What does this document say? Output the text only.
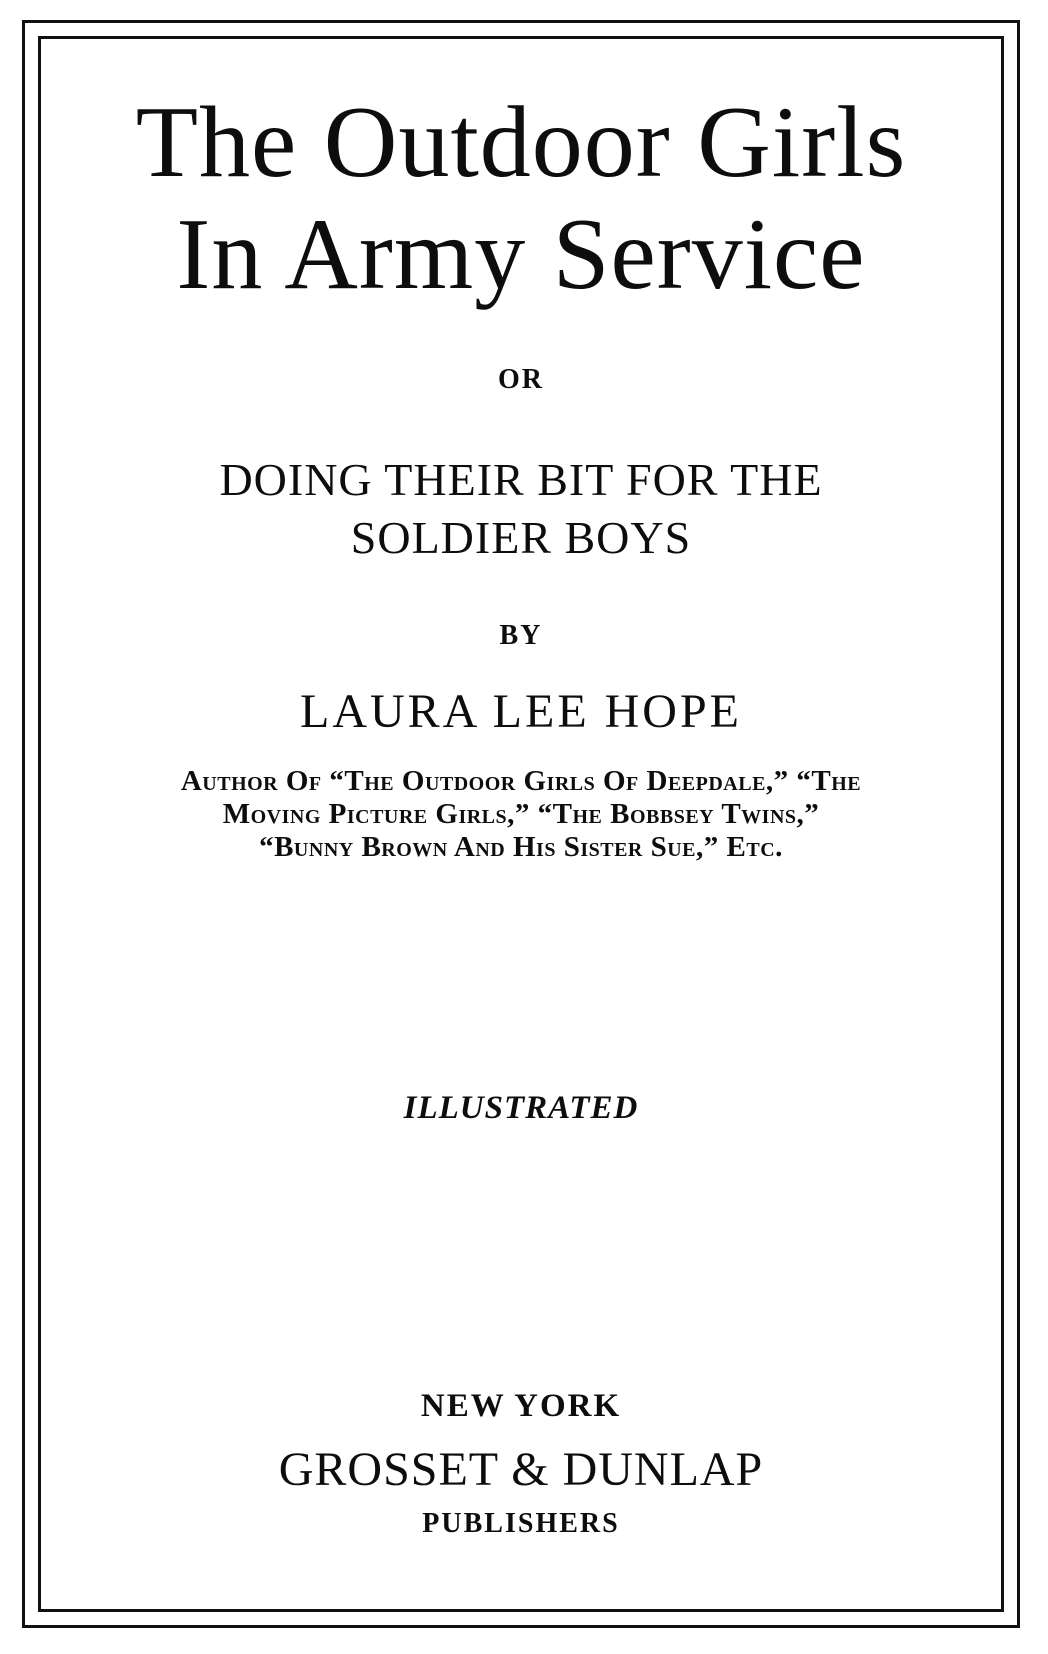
The Outdoor Girls
In Army Service
OR
DOING THEIR BIT FOR THE
SOLDIER BOYS
BY
LAURA LEE HOPE
Author Of “The Outdoor Girls Of Deepdale,” “The
Moving Picture Girls,” “The Bobbsey Twins,”
“Bunny Brown And His Sister Sue,” Etc.
ILLUSTRATED
NEW YORK
GROSSET & DUNLAP
PUBLISHERS
